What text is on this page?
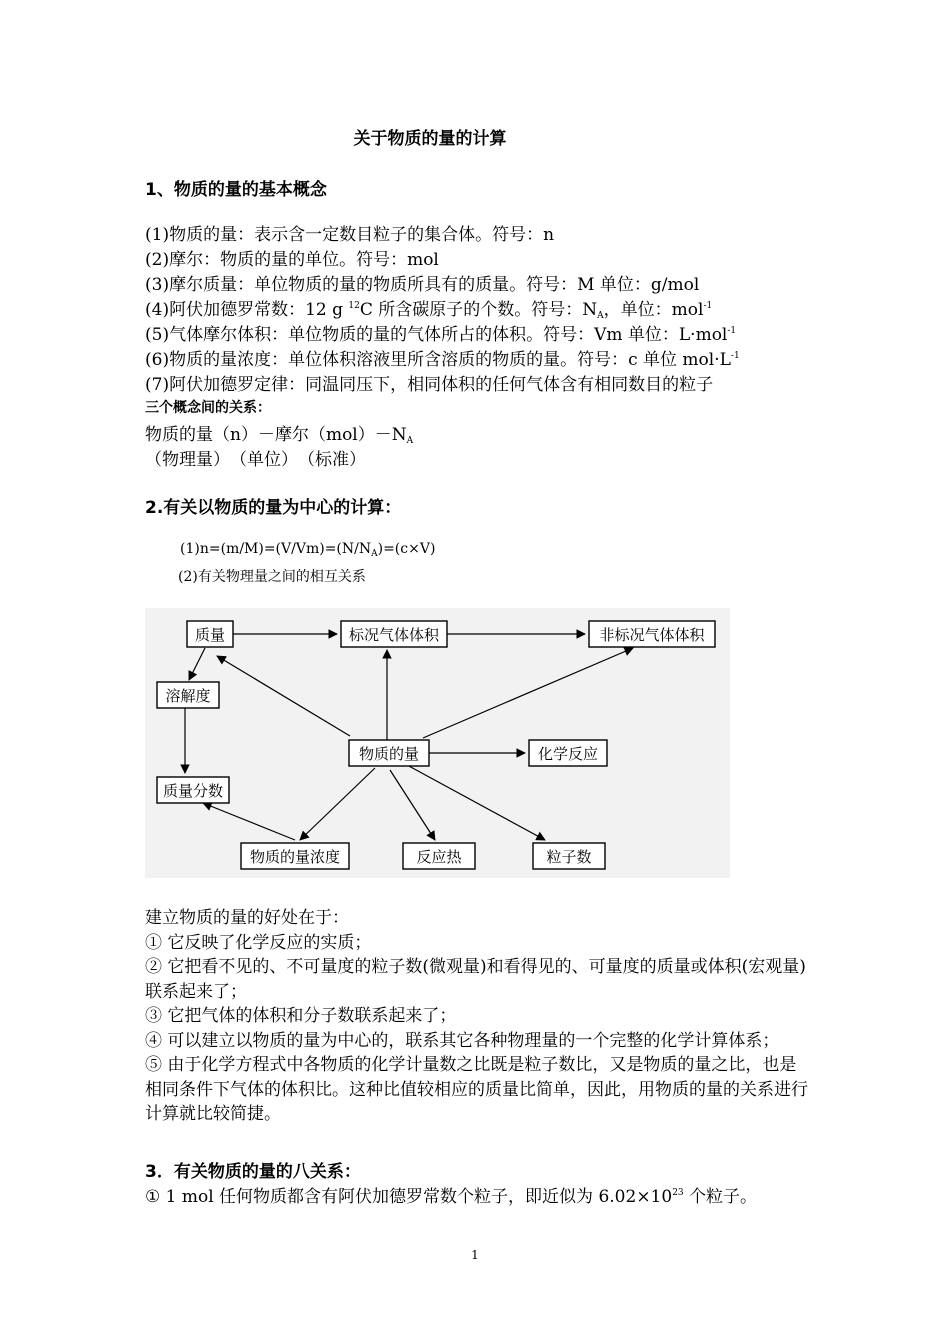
关于物质的量的计算
1、物质的量的基本概念
(1)物质的量：表示含一定数目粒子的集合体。符号：n
(2)摩尔：物质的量的单位。符号：mol
(3)摩尔质量：单位物质的量的物质所具有的质量。符号：M 单位：g/mol
(4)阿伏加德罗常数：12 g $^{12}$C 所含碳原子的个数。符号：$N_A$，单位：mol$^{-1}$
(5)气体摩尔体积：单位物质的量的气体所占的体积。符号：Vm 单位：L·mol$^{-1}$
(6)物质的量浓度：单位体积溶液里所含溶质的物质的量。符号：c 单位 $mol\cdot L^{-1}$
(7)阿伏加德罗定律：同温同压下，相同体积的任何气体含有相同数目的粒子
三个概念间的关系：
物质的量（n）－摩尔$(mol)-N_A$
（物理量）　（单位）　（标准）
2.有关以物质的量为中心的计算：
$(1)n=(m/M)=(V/Vm)=(N/N_A)=(c\times V)$
(2)有关物理量之间的相互关系
质量	标况气体体积	非标况气体体积
溶解度
物质的量	化学反应
质量分数
物质的量浓度	反应热	粒子数

建立物质的量的好处在于：

① 它反映了化学反应的实质；

② 它把看不见的、不可量度的粒子数(微观量)和看得见的、可量度的质量或体积(宏观量)联系起来了；

③ 它把气体的体积和分子数联系起来了；

④ 可以建立以物质的量为中心的，联系其它各种物理量的一个完整的化学计算体系；

⑤ 由于化学方程式中各物质的化学计量数之比既是粒子数比，又是物质的量之比，也是相同条件下气体的体积比。这种比值较相应的质量比简单，因此，用物质的量的关系进行计算就比较简捷。

3．有关物质的量的八关系：
① 1 mol 任何物质都含有阿伏加德罗常数个粒子，即近似为 $6.02\times 10^{23}$ 个粒子。
1
